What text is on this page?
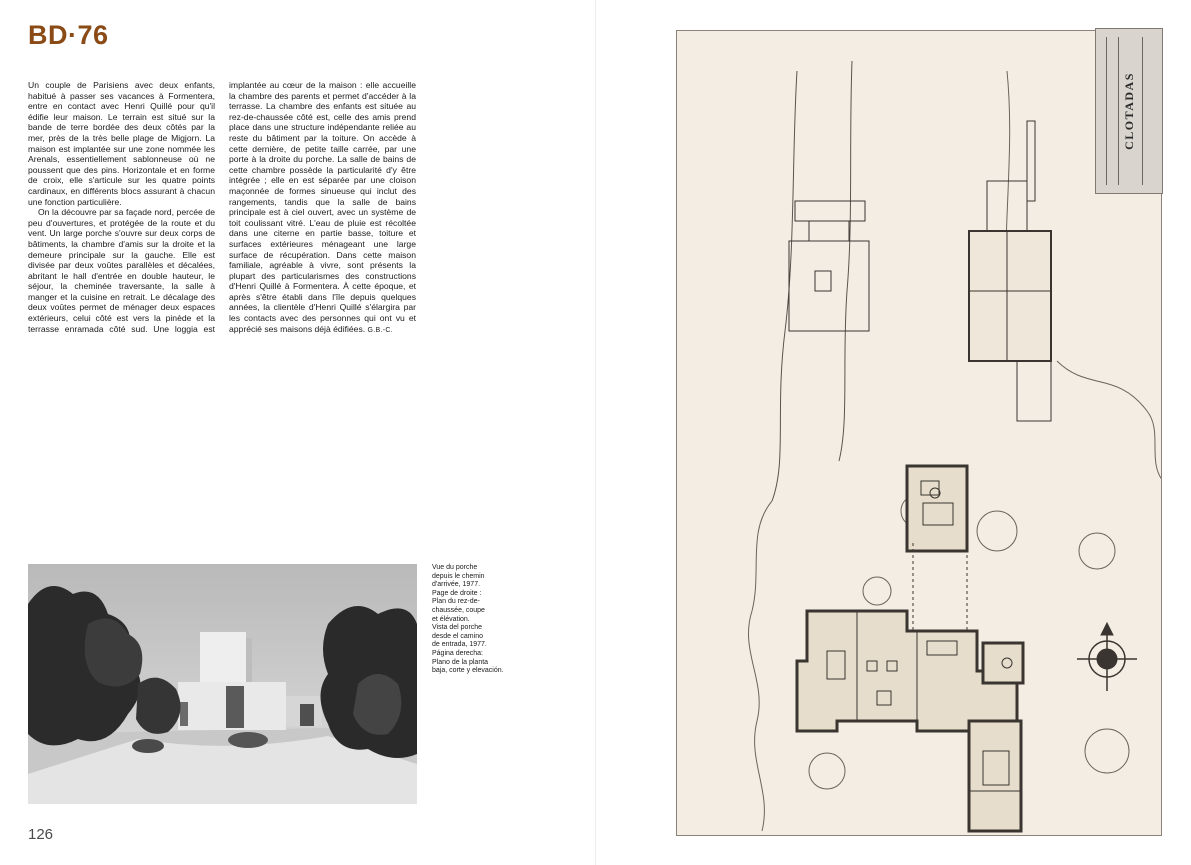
BD·76

Un couple de Parisiens avec deux enfants, habitué à passer ses vacances à Formentera, entre en contact avec Henri Quillé pour qu'il édifie leur maison. Le terrain est situé sur la bande de terre bordée des deux côtés par la mer, près de la très belle plage de Migjorn. La maison est implantée sur une zone nommée les Arenals, essentiellement sablonneuse où ne poussent que des pins. Horizontale et en forme de croix, elle s'articule sur les quatre points cardinaux, en différents blocs assurant à chacun une fonction particulière.

On la découvre par sa façade nord, percée de peu d'ouvertures, et protégée de la route et du vent. Un large porche s'ouvre sur deux corps de bâtiments, la chambre d'amis sur la droite et la demeure principale sur la gauche. Elle est divisée par deux voûtes parallèles et décalées, abritant le hall d'entrée en double hauteur, le séjour, la cheminée traversante, la salle à manger et la cuisine en retrait. Le décalage des deux voûtes permet de ménager deux espaces extérieurs, celui côté est vers la pinède et la terrasse enramada côté sud. Une loggia est implantée au cœur de la maison : elle accueille la chambre des parents et permet d'accéder à la terrasse. La chambre des enfants est située au rez-de-chaussée côté est, celle des amis prend place dans une structure indépendante reliée au reste du bâtiment par la toiture. On accède à cette dernière, de petite taille carrée, par une porte à la droite du porche. La salle de bains de cette chambre possède la particularité d'y être intégrée ; elle en est séparée par une cloison maçonnée de formes sinueuse qui inclut des rangements, tandis que la salle de bains principale est à ciel ouvert, avec un système de toit coulissant vitré. L'eau de pluie est récoltée dans une citerne en partie basse, toiture et surfaces extérieures ménageant une large surface de récupération. Dans cette maison familiale, agréable à vivre, sont présents la plupart des particularismes des constructions d'Henri Quillé à Formentera. À cette époque, et après s'être établi dans l'île depuis quelques années, la clientèle d'Henri Quillé s'élargira par les contacts avec des personnes qui ont vu et apprécié ses maisons déjà édifiées. G.B.-C.

Vue du porche
depuis le chemin
d'arrivée, 1977.
Page de droite :
Plan du rez-de-
chaussée, coupe
et élévation.
Vista del porche
desde el camino
de entrada, 1977.
Página derecha:
Plano de la planta
baja, corte y elevación.
126
CLOTADAS
